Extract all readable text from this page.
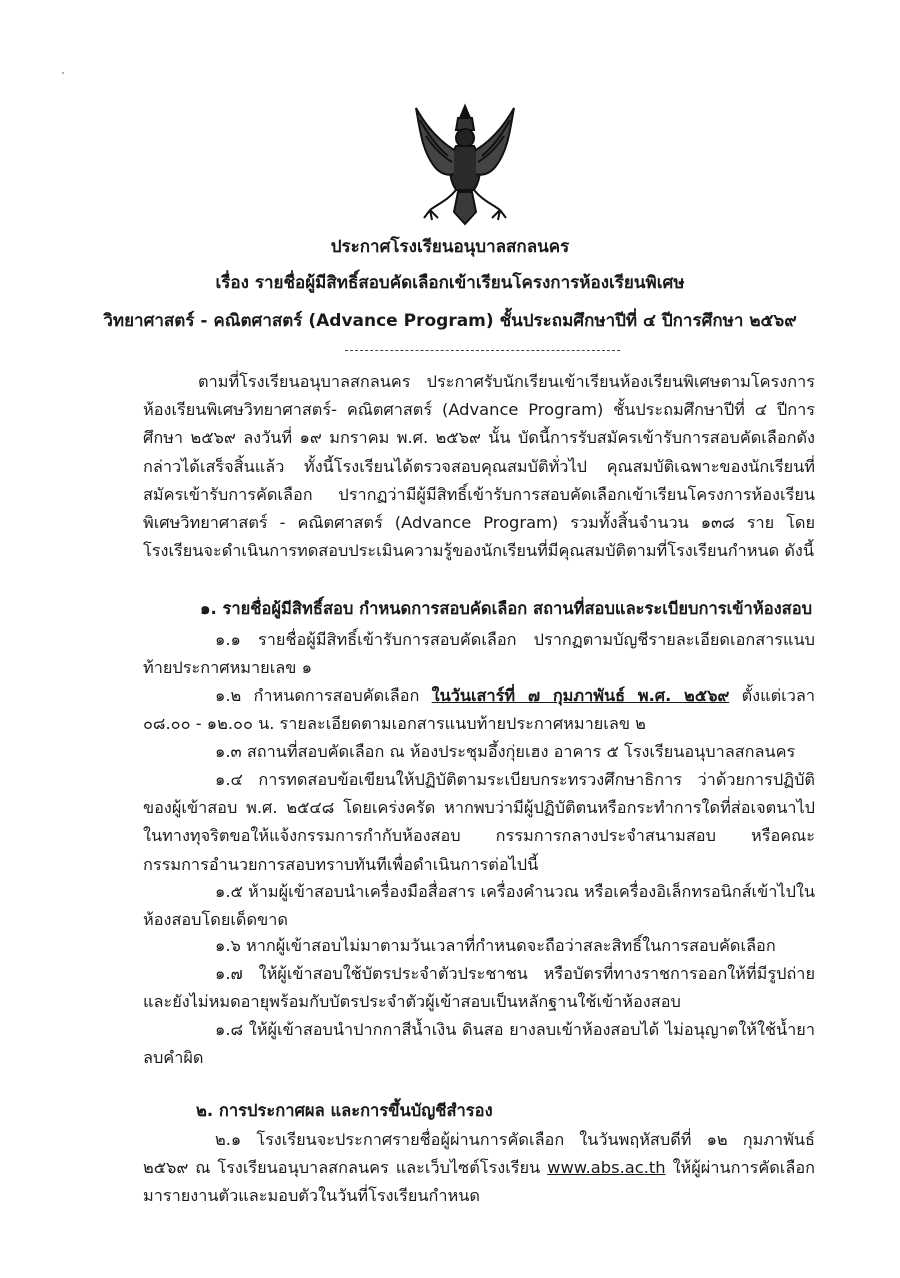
ประกาศโรงเรียนอนุบาลสกลนคร
เรื่อง รายชื่อผู้มีสิทธิ์สอบคัดเลือกเข้าเรียนโครงการห้องเรียนพิเศษ
วิทยาศาสตร์ - คณิตศาสตร์ (Advance Program) ชั้นประถมศึกษาปีที่ ๔ ปีการศึกษา ๒๕๖๙
ตามที่โรงเรียนอนุบาลสกลนคร ประกาศรับนักเรียนเข้าเรียนห้องเรียนพิเศษตามโครงการห้องเรียนพิเศษวิทยาศาสตร์- คณิตศาสตร์ (Advance Program) ชั้นประถมศึกษาปีที่ ๔ ปีการศึกษา ๒๕๖๙ ลงวันที่ ๑๙ มกราคม พ.ศ. ๒๕๖๙ นั้น บัดนี้การรับสมัครเข้ารับการสอบคัดเลือกดังกล่าวได้เสร็จสิ้นแล้ว ทั้งนี้โรงเรียนได้ตรวจสอบคุณสมบัติทั่วไป คุณสมบัติเฉพาะของนักเรียนที่สมัครเข้ารับการคัดเลือก ปรากฏว่ามีผู้มีสิทธิ์เข้ารับการสอบคัดเลือกเข้าเรียนโครงการห้องเรียนพิเศษวิทยาศาสตร์ - คณิตศาสตร์ (Advance Program) รวมทั้งสิ้นจำนวน ๑๓๘ ราย โดยโรงเรียนจะดำเนินการทดสอบประเมินความรู้ของนักเรียนที่มีคุณสมบัติตามที่โรงเรียนกำหนด ดังนี้
๑. รายชื่อผู้มีสิทธิ์สอบ กำหนดการสอบคัดเลือก สถานที่สอบและระเบียบการเข้าห้องสอบ
๑.๑ รายชื่อผู้มีสิทธิ์เข้ารับการสอบคัดเลือก ปรากฏตามบัญชีรายละเอียดเอกสารแนบท้ายประกาศหมายเลข ๑
๑.๒ กำหนดการสอบคัดเลือก ในวันเสาร์ที่ ๗ กุมภาพันธ์ พ.ศ. ๒๕๖๙ ตั้งแต่เวลา ๐๘.๐๐ - ๑๒.๐๐ น. รายละเอียดตามเอกสารแนบท้ายประกาศหมายเลข ๒
๑.๓ สถานที่สอบคัดเลือก ณ ห้องประชุมอึ้งกุ่ยเฮง อาคาร ๕ โรงเรียนอนุบาลสกลนคร
๑.๔ การทดสอบข้อเขียนให้ปฏิบัติตามระเบียบกระทรวงศึกษาธิการ ว่าด้วยการปฏิบัติของผู้เข้าสอบ พ.ศ. ๒๕๔๘ โดยเคร่งครัด หากพบว่ามีผู้ปฏิบัติตนหรือกระทำการใดที่ส่อเจตนาไปในทางทุจริตขอให้แจ้งกรรมการกำกับห้องสอบ กรรมการกลางประจำสนามสอบ หรือคณะกรรมการอำนวยการสอบทราบทันทีเพื่อดำเนินการต่อไปนี้
๑.๕ ห้ามผู้เข้าสอบนำเครื่องมือสื่อสาร เครื่องคำนวณ หรือเครื่องอิเล็กทรอนิกส์เข้าไปในห้องสอบโดยเด็ดขาด
๑.๖ หากผู้เข้าสอบไม่มาตามวันเวลาที่กำหนดจะถือว่าสละสิทธิ์ในการสอบคัดเลือก
๑.๗ ให้ผู้เข้าสอบใช้บัตรประจำตัวประชาชน หรือบัตรที่ทางราชการออกให้ที่มีรูปถ่ายและยังไม่หมดอายุพร้อมกับบัตรประจำตัวผู้เข้าสอบเป็นหลักฐานใช้เข้าห้องสอบ
๑.๘ ให้ผู้เข้าสอบนำปากกาสีน้ำเงิน ดินสอ ยางลบเข้าห้องสอบได้ ไม่อนุญาตให้ใช้น้ำยาลบคำผิด
๒. การประกาศผล และการขึ้นบัญชีสำรอง
๒.๑ โรงเรียนจะประกาศรายชื่อผู้ผ่านการคัดเลือก ในวันพฤหัสบดีที่ ๑๒ กุมภาพันธ์ ๒๕๖๙ ณ โรงเรียนอนุบาลสกลนคร และเว็บไซต์โรงเรียน www.abs.ac.th ให้ผู้ผ่านการคัดเลือก มารายงานตัวและมอบตัวในวันที่โรงเรียนกำหนด
